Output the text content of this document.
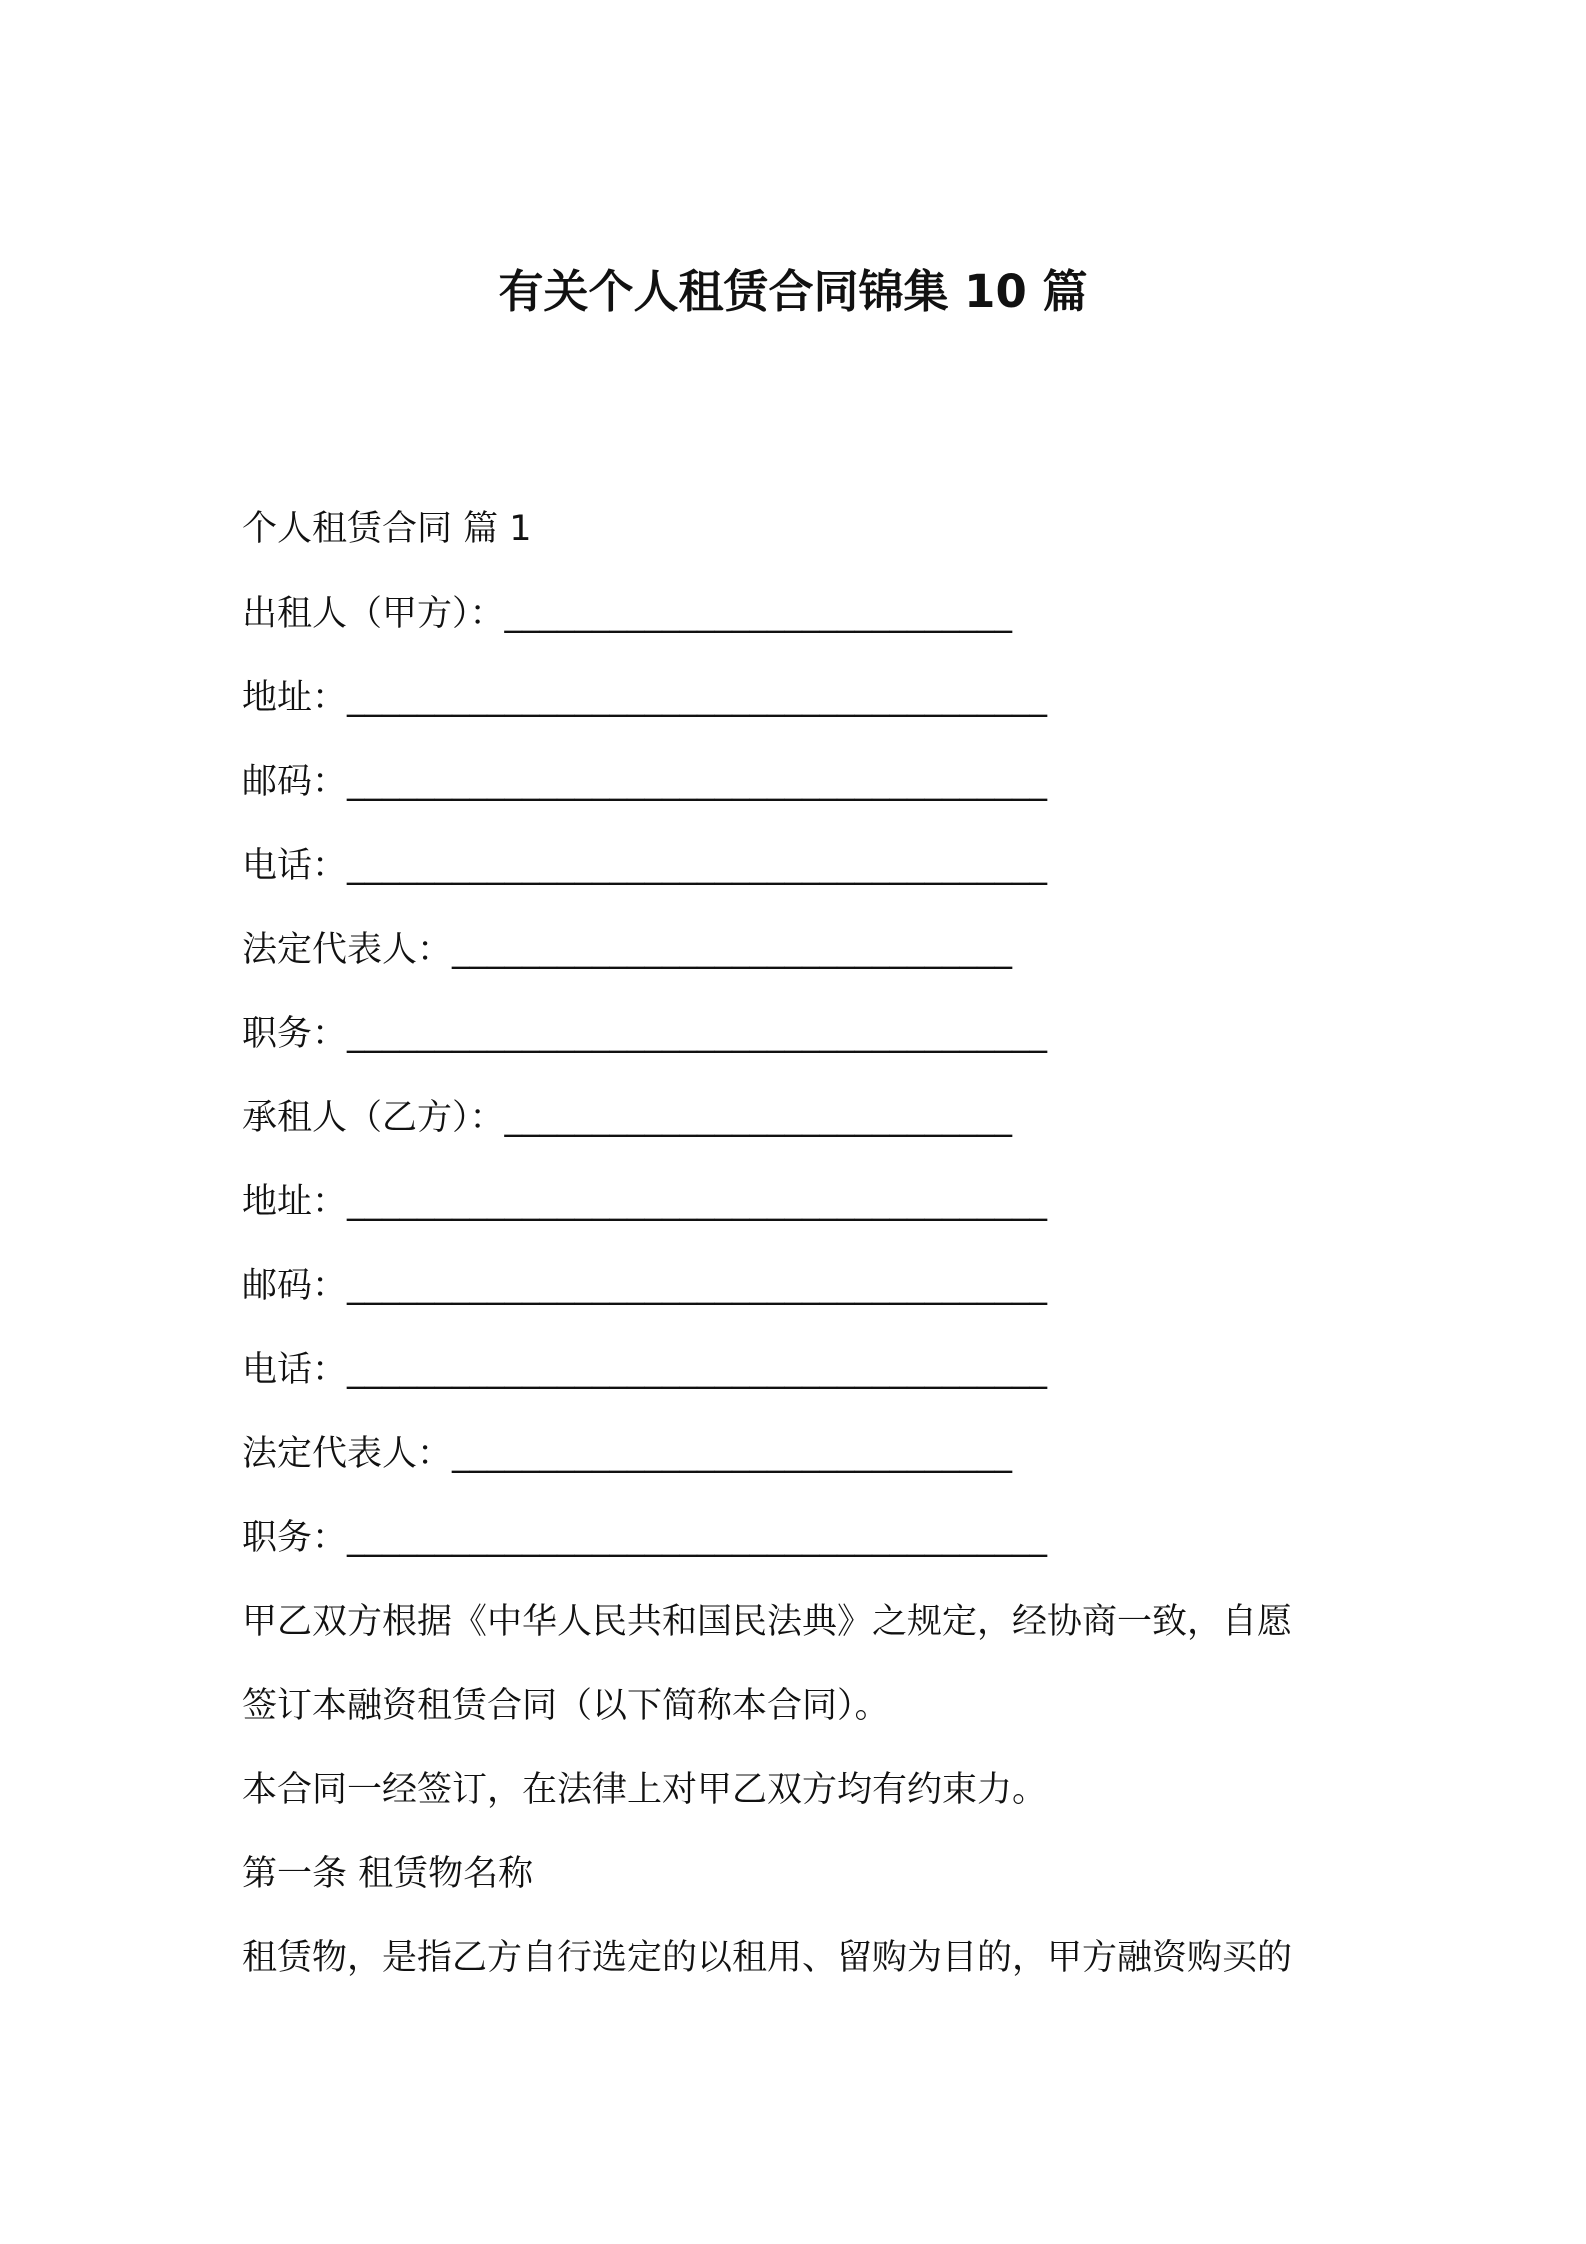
有关个人租赁合同锦集 10 篇
个人租赁合同 篇 1
出租人（甲方）：_____________________________
地址：________________________________________
邮码：________________________________________
电话：________________________________________
法定代表人：________________________________
职务：________________________________________
承租人（乙方）：_____________________________
地址：________________________________________
邮码：________________________________________
电话：________________________________________
法定代表人：________________________________
职务：________________________________________
甲乙双方根据《中华人民共和国民法典》之规定，经协商一致，自愿
签订本融资租赁合同（以下简称本合同）。
本合同一经签订，在法律上对甲乙双方均有约束力。
第一条 租赁物名称
租赁物，是指乙方自行选定的以租用、留购为目的，甲方融资购买的
